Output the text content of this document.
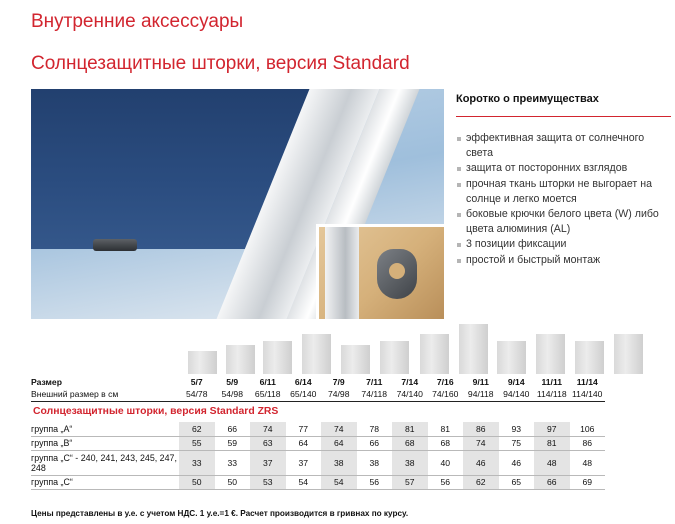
Внутренние аксессуары
Солнцезащитные шторки, версия Standard
Коротко о преимуществах
эффективная защита от солнечного света
защита от посторонних взглядов
прочная ткань шторки не выгорает на солнце и легко моется
боковые крючки белого цвета (W) либо цвета алюминия (AL)
3 позиции фиксации
простой и быстрый монтаж
Размер	5/7	5/9	6/11	6/14	7/9	7/11	7/14	7/16	9/11	9/14	11/11	11/14
Внешний размер в см	54/78	54/98	65/118	65/140	74/98	74/118	74/140	74/160	94/118	94/140	114/118	114/140
Солнцезащитные шторки, версия Standard ZRS												
группа „A“	62	66	74	77	74	78	81	81	86	93	97	106
группа „B“	55	59	63	64	64	66	68	68	74	75	81	86
группа „C“ - 240, 241, 243, 245, 247, 248	33	33	37	37	38	38	38	40	46	46	48	48
группа „C“	50	50	53	54	54	56	57	56	62	65	66	69
Цены представлены в у.е. с учетом НДС. 1 у.е.=1 €. Расчет производится в гривнах по курсу.
